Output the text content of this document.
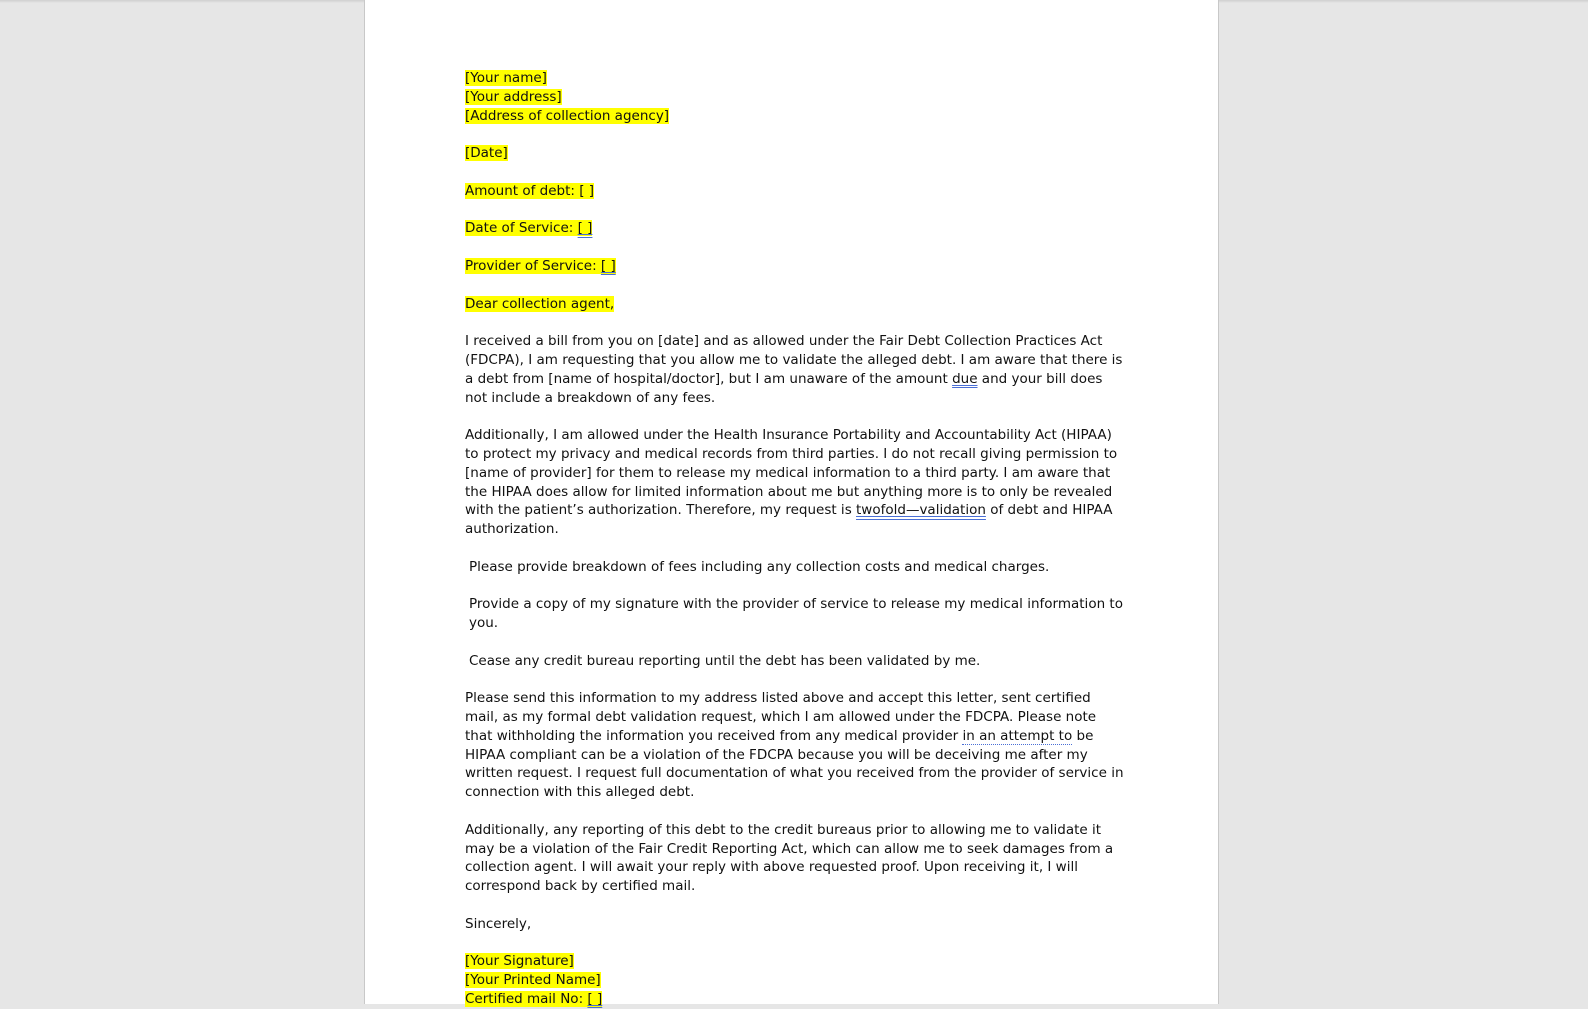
[Your name]
[Your address]
[Address of collection agency]

[Date]

Amount of debt: [ ]

Date of Service: [ ]

Provider of Service: [ ]

Dear collection agent,

I received a bill from you on [date] and as allowed under the Fair Debt Collection Practices Act (FDCPA), I am requesting that you allow me to validate the alleged debt. I am aware that there is a debt from [name of hospital/doctor], but I am unaware of the amount due and your bill does not include a breakdown of any fees.

Additionally, I am allowed under the Health Insurance Portability and Accountability Act (HIPAA) to protect my privacy and medical records from third parties. I do not recall giving permission to [name of provider] for them to release my medical information to a third party. I am aware that the HIPAA does allow for limited information about me but anything more is to only be revealed with the patient’s authorization. Therefore, my request is twofold—validation of debt and HIPAA authorization.

Please provide breakdown of fees including any collection costs and medical charges.

Provide a copy of my signature with the provider of service to release my medical information to you.

Cease any credit bureau reporting until the debt has been validated by me.

Please send this information to my address listed above and accept this letter, sent certified mail, as my formal debt validation request, which I am allowed under the FDCPA. Please note that withholding the information you received from any medical provider in an attempt to be HIPAA compliant can be a violation of the FDCPA because you will be deceiving me after my written request. I request full documentation of what you received from the provider of service in connection with this alleged debt.

Additionally, any reporting of this debt to the credit bureaus prior to allowing me to validate it may be a violation of the Fair Credit Reporting Act, which can allow me to seek damages from a collection agent. I will await your reply with above requested proof. Upon receiving it, I will correspond back by certified mail.

Sincerely,

[Your Signature]
[Your Printed Name]
Certified mail No: [ ]
